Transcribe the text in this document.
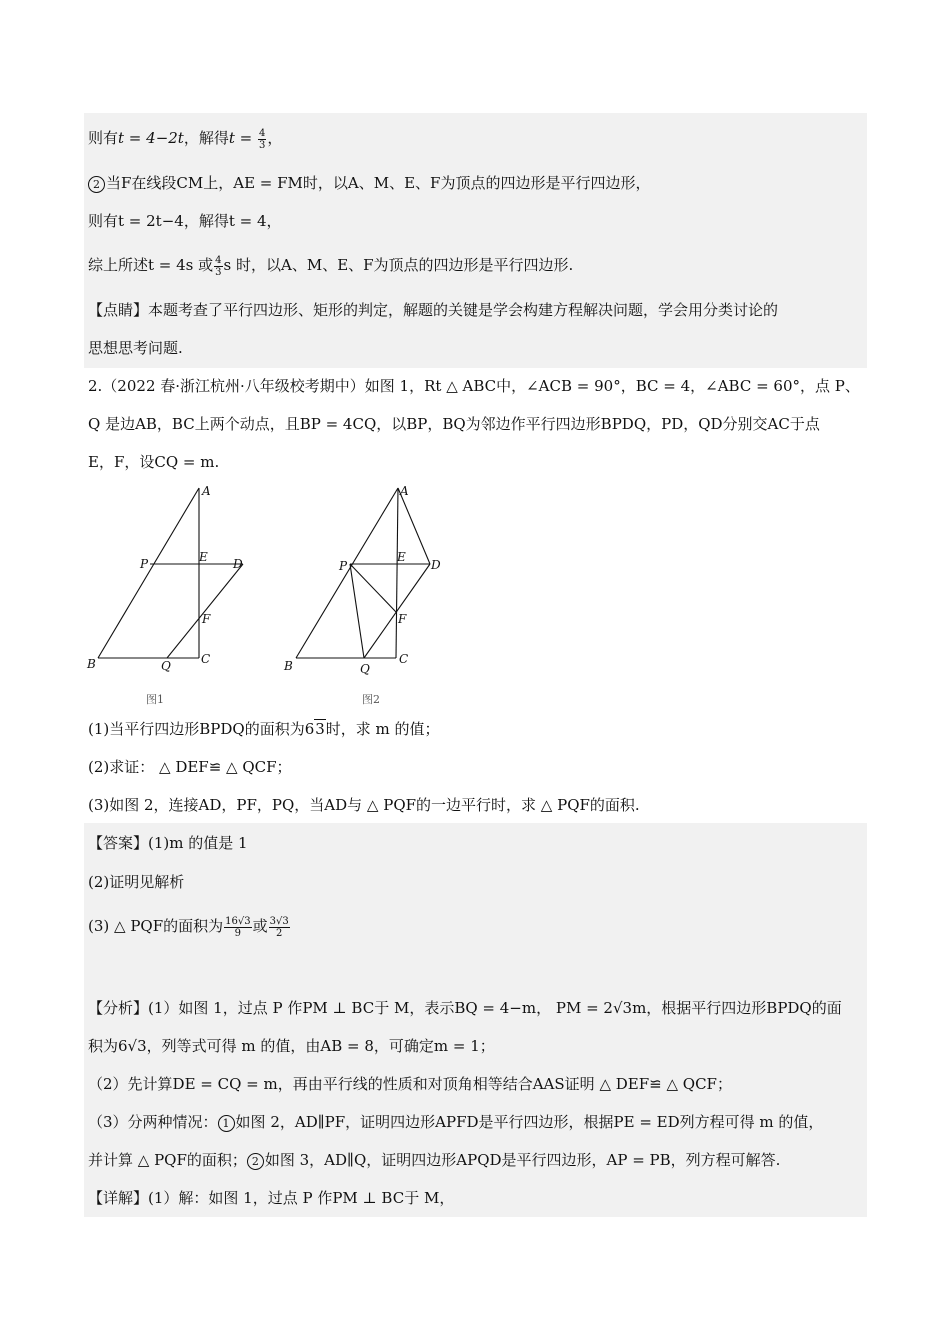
则有t = 4−2t，解得$t = \frac{4}{3}$ ，
2 当F在线段CM上，AE = FM时，以A、M、E、F为顶点的四边形是平行四边形，
则有t = 2t−4，解得t = 4，
综上所述t = 4s 或 $\frac{4}{3}$ s 时，以A、M、E、F为顶点的四边形是平行四边形.
【点睛】本题考查了平行四边形、矩形的判定，解题的关键是学会构建方程解决问题，学会用分类讨论的
思想思考问题.
2.（2022 春·浙江杭州·八年级校考期中）如图 1，Rt △ ABC中，∠ACB = 90°，BC = 4，∠ABC = 60°，点 P、
Q 是边AB，BC上两个动点，且BP = 4CQ，以BP，BQ为邻边作平行四边形BPDQ，PD，QD分别交AC于点
E，F，设CQ = m.
A
B	C
P
Q
D
E
F
图1
A
B	C
P
Q
D
E
F
图2
(1)当平行四边形BPDQ的面积为63时，求 m 的值；
(2)求证： △ DEF≌ △ QCF；
(3)如图 2，连接AD，PF，PQ，当AD与 △ PQF的一边平行时，求 △ PQF的面积.
【答案】(1)m 的值是 1
(2)证明见解析
(3) △ PQF的面积为 $\frac{16√3}{9}$ 或 $\frac{3√3}{2}$
【分析】(1）如图 1，过点 P 作PM ⊥ BC于 M，表示BQ = 4−m， PM = 2√3m，根据平行四边形BPDQ的面
积为6√3，列等式可得 m 的值，由AB = 8，可确定m = 1；
（2）先计算DE = CQ = m，再由平行线的性质和对顶角相等结合AAS证明 △ DEF≌ △ QCF；
（3）分两种情况： 1 如图 2，AD∥PF，证明四边形APFD是平行四边形，根据PE = ED列方程可得 m 的值，
并计算 △ PQF的面积； 2 如图 3，AD∥Q，证明四边形APQD是平行四边形，AP = PB，列方程可解答.
【详解】(1）解：如图 1，过点 P 作PM ⊥ BC于 M，
